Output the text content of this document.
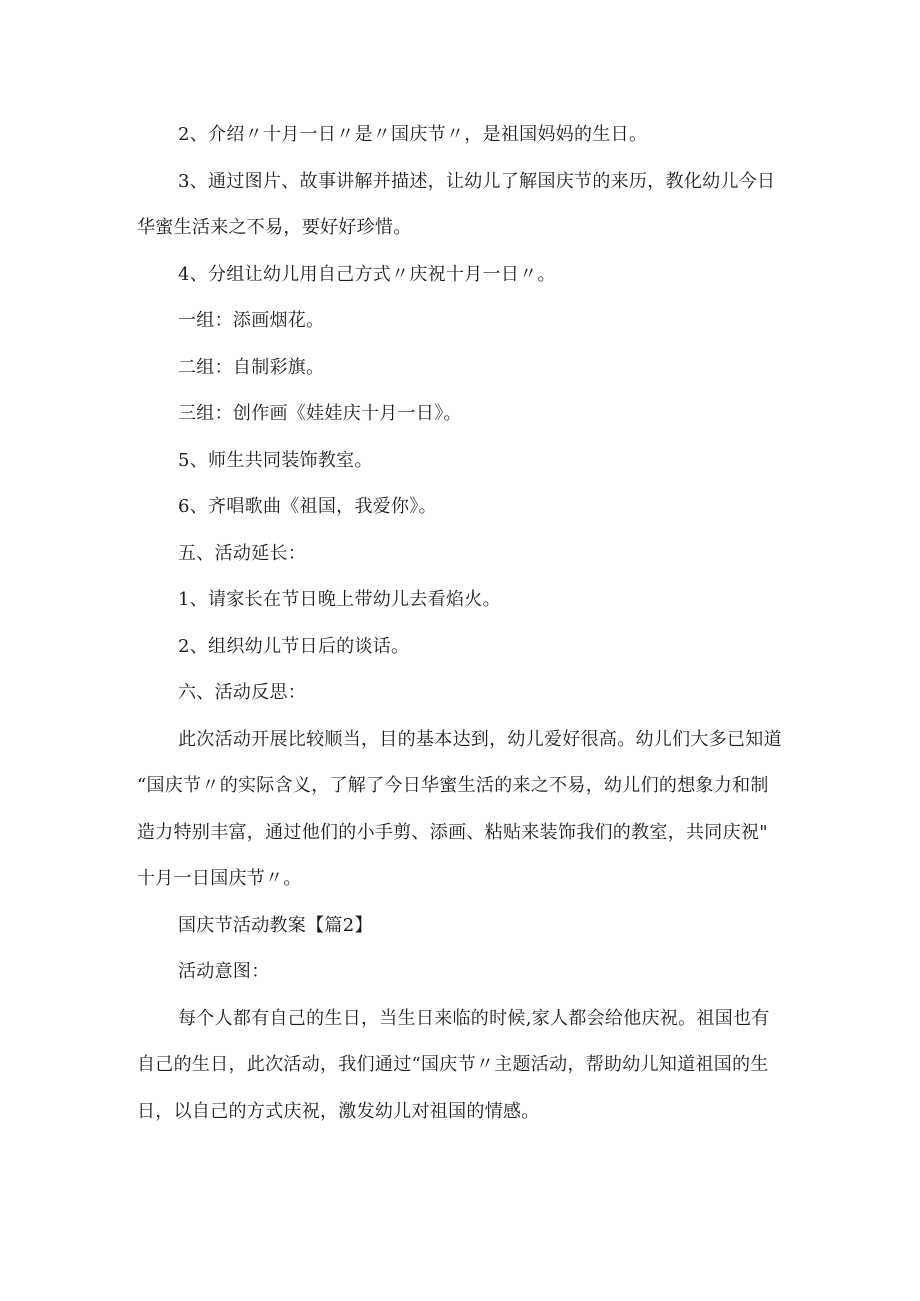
2、介绍〃十月一日〃是〃国庆节〃，是祖国妈妈的生日。
3、通过图片、故事讲解并描述，让幼儿了解国庆节的来历，教化幼儿今日
华蜜生活来之不易，要好好珍惜。
4、分组让幼儿用自己方式〃庆祝十月一日〃。
一组：添画烟花。
二组：自制彩旗。
三组：创作画《娃娃庆十月一日》。
5、师生共同装饰教室。
6、齐唱歌曲《祖国，我爱你》。
五、活动延长：
1、请家长在节日晚上带幼儿去看焰火。
2、组织幼儿节日后的谈话。
六、活动反思：
此次活动开展比较顺当，目的基本达到，幼儿爱好很高。幼儿们大多已知道
“国庆节〃的实际含义，了解了今日华蜜生活的来之不易，幼儿们的想象力和制
造力特别丰富，通过他们的小手剪、添画、粘贴来装饰我们的教室，共同庆祝"
十月一日国庆节〃。
国庆节活动教案【篇2】
活动意图：
每个人都有自己的生日，当生日来临的时候,家人都会给他庆祝。祖国也有
自己的生日，此次活动，我们通过“国庆节〃主题活动，帮助幼儿知道祖国的生
日，以自己的方式庆祝，激发幼儿对祖国的情感。
